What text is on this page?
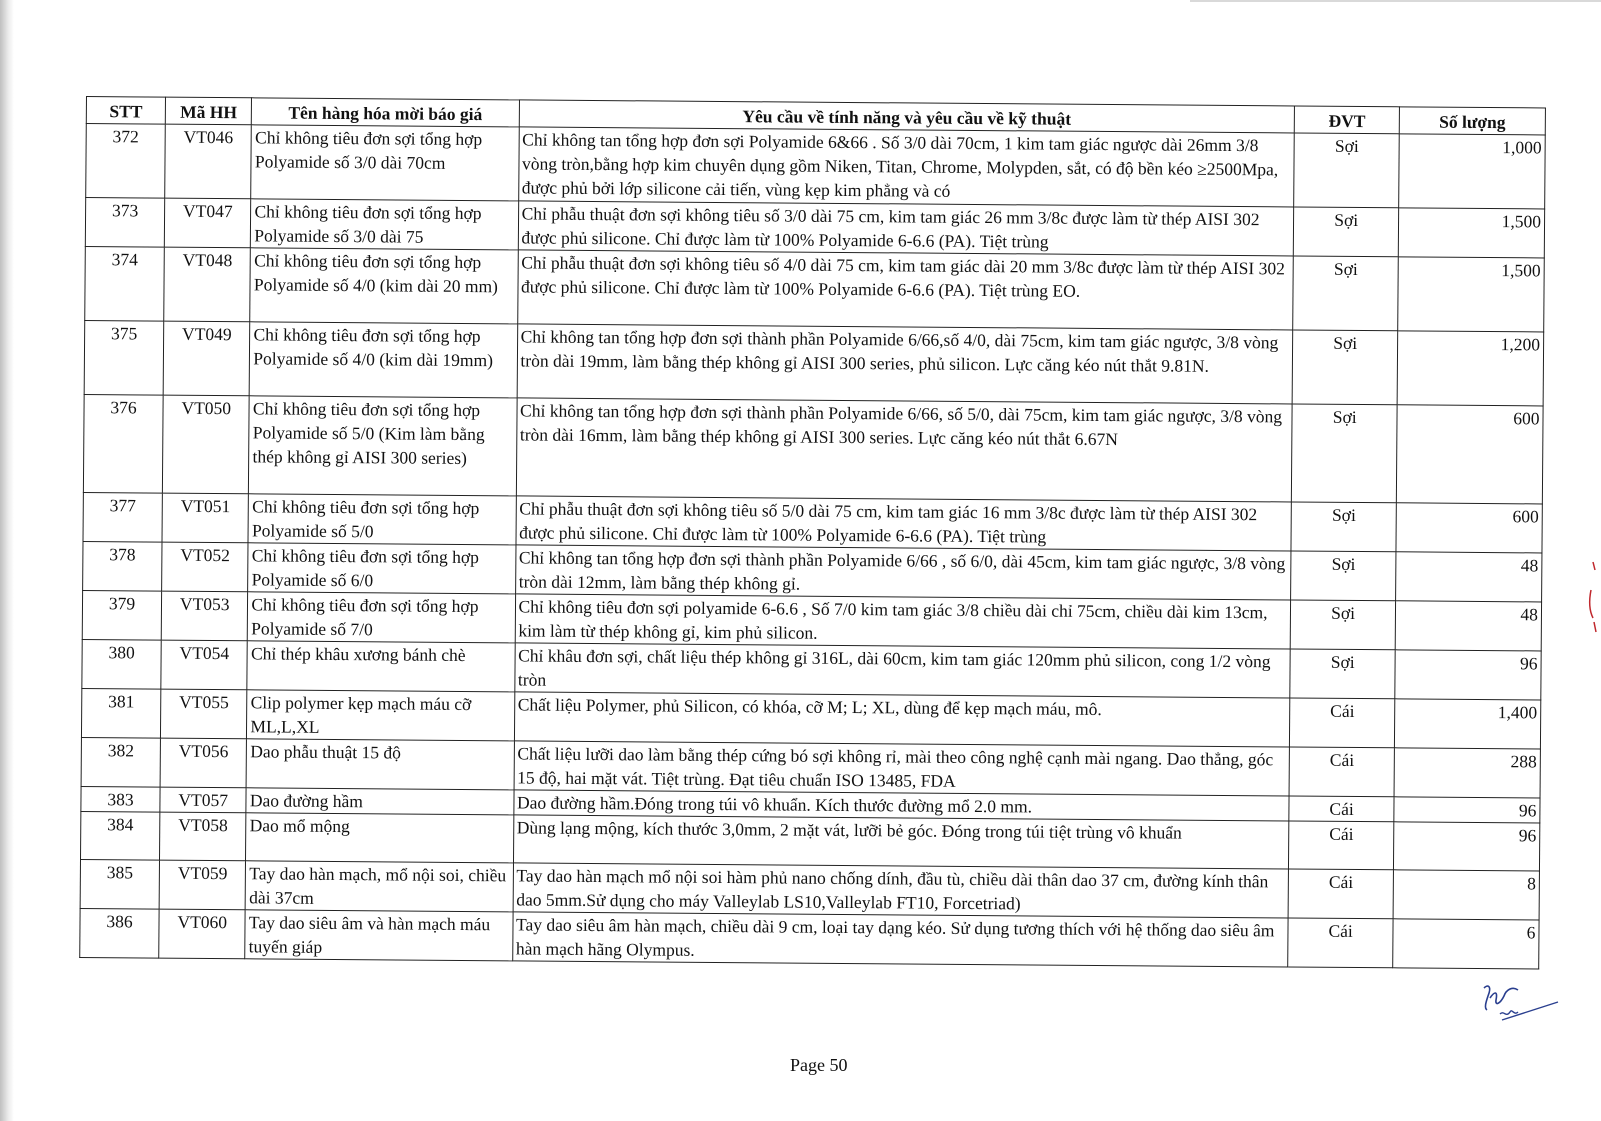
STT	Mã HH	Tên hàng hóa mời báo giá	Yêu cầu về tính năng và yêu cầu về kỹ thuật	ĐVT	Số lượng
372	VT046	Chỉ không tiêu đơn sợi tổng hợp Polyamide số 3/0 dài 70cm	Chỉ không tan tổng hợp đơn sợi Polyamide 6&66 . Số 3/0 dài 70cm, 1 kim tam giác ngược dài 26mm 3/8 vòng tròn,bằng hợp kim chuyên dụng gồm Niken, Titan, Chrome, Molypden, sắt, có độ bền kéo ≥2500Mpa, được phủ bởi lớp silicone cải tiến, vùng kẹp kim phẳng và có	Sợi	1,000
373	VT047	Chỉ không tiêu đơn sợi tổng hợp Polyamide số 3/0 dài 75	Chỉ phẫu thuật đơn sợi không tiêu số 3/0 dài 75 cm, kim tam giác 26 mm 3/8c được làm từ thép AISI 302 được phủ silicone. Chỉ được làm từ 100% Polyamide 6-6.6 (PA). Tiệt trùng	Sợi	1,500
374	VT048	Chỉ không tiêu đơn sợi tổng hợp Polyamide số 4/0 (kim dài 20 mm)	Chỉ phẫu thuật đơn sợi không tiêu số 4/0 dài 75 cm, kim tam giác dài 20 mm 3/8c được làm từ thép AISI 302 được phủ silicone. Chỉ được làm từ 100% Polyamide 6-6.6 (PA). Tiệt trùng EO.	Sợi	1,500
375	VT049	Chỉ không tiêu đơn sợi tổng hợp Polyamide số 4/0 (kim dài 19mm)	Chỉ không tan tổng hợp đơn sợi thành phần Polyamide 6/66,số 4/0, dài 75cm, kim tam giác ngược, 3/8 vòng tròn dài 19mm, làm bằng thép không gỉ AISI 300 series, phủ silicon. Lực căng kéo nút thắt 9.81N.	Sợi	1,200
376	VT050	Chỉ không tiêu đơn sợi tổng hợp Polyamide số 5/0 (Kim làm bằng thép không gỉ AISI 300 series)	Chỉ không tan tổng hợp đơn sợi thành phần Polyamide 6/66, số 5/0, dài 75cm, kim tam giác ngược, 3/8 vòng tròn dài 16mm, làm bằng thép không gỉ AISI 300 series. Lực căng kéo nút thắt 6.67N	Sợi	600
377	VT051	Chỉ không tiêu đơn sợi tổng hợp Polyamide số 5/0	Chỉ phẫu thuật đơn sợi không tiêu số 5/0 dài 75 cm, kim tam giác 16 mm 3/8c được làm từ thép AISI 302 được phủ silicone. Chỉ được làm từ 100% Polyamide 6-6.6 (PA). Tiệt trùng	Sợi	600
378	VT052	Chỉ không tiêu đơn sợi tổng hợp Polyamide số 6/0	Chỉ không tan tổng hợp đơn sợi thành phần Polyamide 6/66 , số 6/0, dài 45cm, kim tam giác ngược, 3/8 vòng tròn dài 12mm, làm bằng thép không gỉ.	Sợi	48
379	VT053	Chỉ không tiêu đơn sợi tổng hợp Polyamide số 7/0	Chỉ không tiêu đơn sợi polyamide 6-6.6 , Số 7/0 kim tam giác 3/8 chiều dài chỉ 75cm, chiều dài kim 13cm, kim làm từ thép không gỉ, kim phủ silicon.	Sợi	48
380	VT054	Chỉ thép khâu xương bánh chè	Chỉ khâu đơn sợi, chất liệu thép không gỉ 316L, dài 60cm, kim tam giác 120mm phủ silicon, cong 1/2 vòng tròn	Sợi	96
381	VT055	Clip polymer kẹp mạch máu cỡ ML,L,XL	Chất liệu Polymer, phủ Silicon, có khóa, cỡ M; L; XL, dùng để kẹp mạch máu, mô.	Cái	1,400
382	VT056	Dao phẫu thuật 15 độ	Chất liệu lưỡi dao làm bằng thép cứng bó sợi không rỉ, mài theo công nghệ cạnh mài ngang. Dao thẳng, góc 15 độ, hai mặt vát. Tiệt trùng. Đạt tiêu chuẩn ISO 13485, FDA	Cái	288
383	VT057	Dao đường hầm	Dao đường hầm.Đóng trong túi vô khuẩn. Kích thước đường mổ 2.0 mm.	Cái	96
384	VT058	Dao mổ mộng	Dùng lạng mộng, kích thước 3,0mm, 2 mặt vát, lưỡi bẻ góc. Đóng trong túi tiệt trùng vô khuẩn	Cái	96
385	VT059	Tay dao hàn mạch, mổ nội soi, chiều dài 37cm	Tay dao hàn mạch mổ nội soi hàm phủ nano chống dính, đầu tù, chiều dài thân dao 37 cm, đường kính thân dao 5mm.Sử dụng cho máy Valleylab LS10,Valleylab FT10, Forcetriad)	Cái	8
386	VT060	Tay dao siêu âm và hàn mạch máu tuyến giáp	Tay dao siêu âm hàn mạch, chiều dài 9 cm, loại tay dạng kéo. Sử dụng tương thích với hệ thống dao siêu âm hàn mạch hãng Olympus.	Cái	6
Page 50
